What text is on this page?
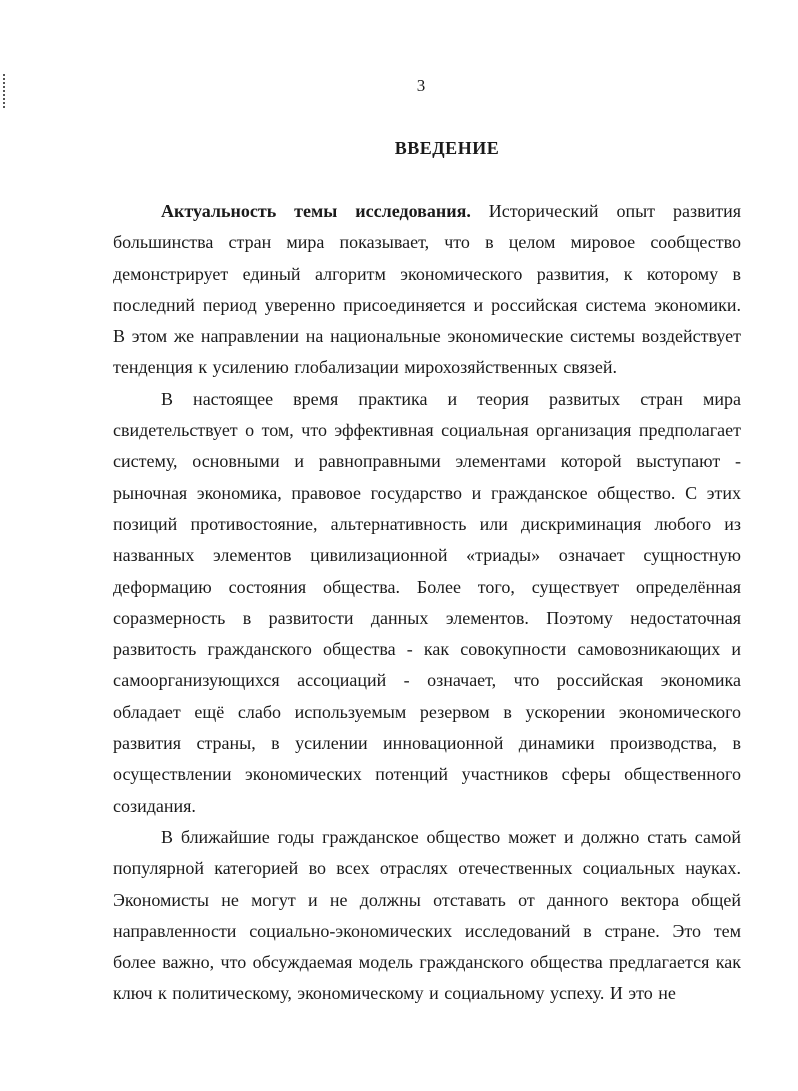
3
ВВЕДЕНИЕ

Актуальность темы исследования. Исторический опыт развития большинства стран мира показывает, что в целом мировое сообщество демонстрирует единый алгоритм экономического развития, к которому в последний период уверенно присоединяется и российская система экономики. В этом же направлении на национальные экономические системы воздействует тенденция к усилению глобализации мирохозяйственных связей.

В настоящее время практика и теория развитых стран мира свидетельствует о том, что эффективная социальная организация предполагает систему, основными и равноправными элементами которой выступают - рыночная экономика, правовое государство и гражданское общество. С этих позиций противостояние, альтернативность или дискриминация любого из названных элементов цивилизационной «триады» означает сущностную деформацию состояния общества. Более того, существует определённая соразмерность в развитости данных элементов. Поэтому недостаточная развитость гражданского общества - как совокупности самовозникающих и самоорганизующихся ассоциаций - означает, что российская экономика обладает ещё слабо используемым резервом в ускорении экономического развития страны, в усилении инновационной динамики производства, в осуществлении экономических потенций участников сферы общественного созидания.

В ближайшие годы гражданское общество может и должно стать самой популярной категорией во всех отраслях отечественных социальных науках. Экономисты не могут и не должны отставать от данного вектора общей направленности социально-экономических исследований в стране. Это тем более важно, что обсуждаемая модель гражданского общества предлагается как ключ к политическому, экономическому и социальному успеху. И это не
